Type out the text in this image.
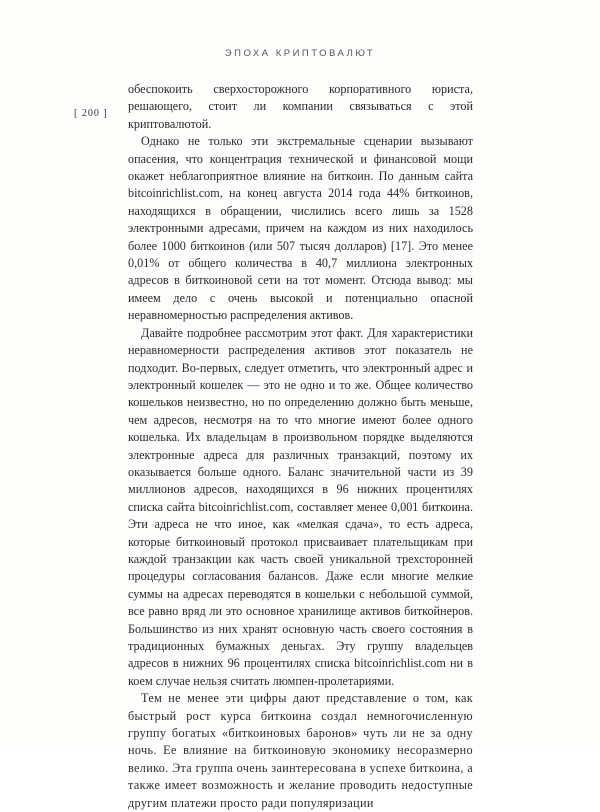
ЭПОХА КРИПТОВАЛЮТ
[ 200 ]

обеспокоить сверхосторожного корпоративного юриста, решающего, стоит ли компании связываться с этой криптовалютой.

Однако не только эти экстремальные сценарии вызывают опасения, что концентрация технической и финансовой мощи окажет неблагоприятное влияние на биткоин. По данным сайта bitcoinrichlist.com, на конец августа 2014 года 44% биткоинов, находящихся в обращении, числились всего лишь за 1528 электронными адресами, причем на каждом из них находилось более 1000 биткоинов (или 507 тысяч долларов) [17]. Это менее 0,01% от общего количества в 40,7 миллиона электронных адресов в биткоиновой сети на тот момент. Отсюда вывод: мы имеем дело с очень высокой и потенциально опасной неравномерностью распределения активов.

Давайте подробнее рассмотрим этот факт. Для характеристики неравномерности распределения активов этот показатель не подходит. Во-первых, следует отметить, что электронный адрес и электронный кошелек — это не одно и то же. Общее количество кошельков неизвестно, но по определению должно быть меньше, чем адресов, несмотря на то что многие имеют более одного кошелька. Их владельцам в произвольном порядке выделяются электронные адреса для различных транзакций, поэтому их оказывается больше одного. Баланс значительной части из 39 миллионов адресов, находящихся в 96 нижних процентилях списка сайта bitcoinrichlist.com, составляет менее 0,001 биткоина. Эти адреса не что иное, как «мелкая сдача», то есть адреса, которые биткоиновый протокол присваивает плательщикам при каждой транзакции как часть своей уникальной трехсторонней процедуры согласования балансов. Даже если многие мелкие суммы на адресах переводятся в кошельки с небольшой суммой, все равно вряд ли это основное хранилище активов биткойнеров. Большинство из них хранят основную часть своего состояния в традиционных бумажных деньгах. Эту группу владельцев адресов в нижних 96 процентилях списка bitcoinrichlist.com ни в коем случае нельзя считать люмпен-пролетариями.

Тем не менее эти цифры дают представление о том, как быстрый рост курса биткоина создал немногочисленную группу богатых «биткоиновых баронов» чуть ли не за одну ночь. Ее влияние на биткоиновую экономику несоразмерно велико. Эта группа очень заинтересована в успехе биткоина, а также имеет возможность и желание проводить недоступные другим платежи просто ради популяризации
